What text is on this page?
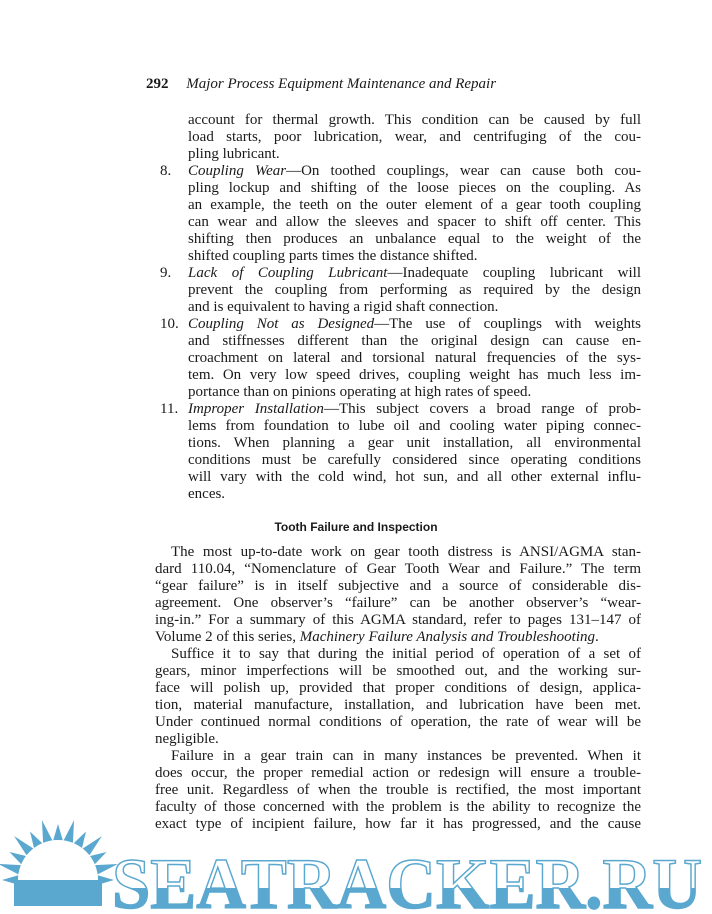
292 Major Process Equipment Maintenance and Repair
account for thermal growth. This condition can be caused by full
load starts, poor lubrication, wear, and centrifuging of the cou-
pling lubricant.
8.	Coupling Wear—On toothed couplings, wear can cause both cou-
pling lockup and shifting of the loose pieces on the coupling. As
an example, the teeth on the outer element of a gear tooth coupling
can wear and allow the sleeves and spacer to shift off center. This
shifting then produces an unbalance equal to the weight of the
shifted coupling parts times the distance shifted.
9.	Lack of Coupling Lubricant—Inadequate coupling lubricant will
prevent the coupling from performing as required by the design
and is equivalent to having a rigid shaft connection.
10. Coupling Not as Designed—The use of couplings with weights
and stiffnesses different than the original design can cause en-
croachment on lateral and torsional natural frequencies of the sys-
tem. On very low speed drives, coupling weight has much less im-
portance than on pinions operating at high rates of speed.
11. Improper Installation—This subject covers a broad range of prob-
lems from foundation to lube oil and cooling water piping connec-
tions. When planning a gear unit installation, all environmental
conditions must be carefully considered since operating conditions
will vary with the cold wind, hot sun, and all other external influ-
ences.
Tooth Failure and Inspection
The most up-to-date work on gear tooth distress is ANSI/AGMA stan-
dard 110.04, “Nomenclature of Gear Tooth Wear and Failure.” The term
“gear failure” is in itself subjective and a source of considerable dis-
agreement. One observer’s “failure” can be another observer’s “wear-
ing-in.” For a summary of this AGMA standard, refer to pages 131–147 of
Volume 2 of this series, Machinery Failure Analysis and Troubleshooting.
Suffice it to say that during the initial period of operation of a set of
gears, minor imperfections will be smoothed out, and the working sur-
face will polish up, provided that proper conditions of design, applica-
tion, material manufacture, installation, and lubrication have been met.
Under continued normal conditions of operation, the rate of wear will be
negligible.
Failure in a gear train can in many instances be prevented. When it
does occur, the proper remedial action or redesign will ensure a trouble-
free unit. Regardless of when the trouble is rectified, the most important
faculty of those concerned with the problem is the ability to recognize the
exact type of incipient failure, how far it has progressed, and the cause
SEATRACKER.RU
